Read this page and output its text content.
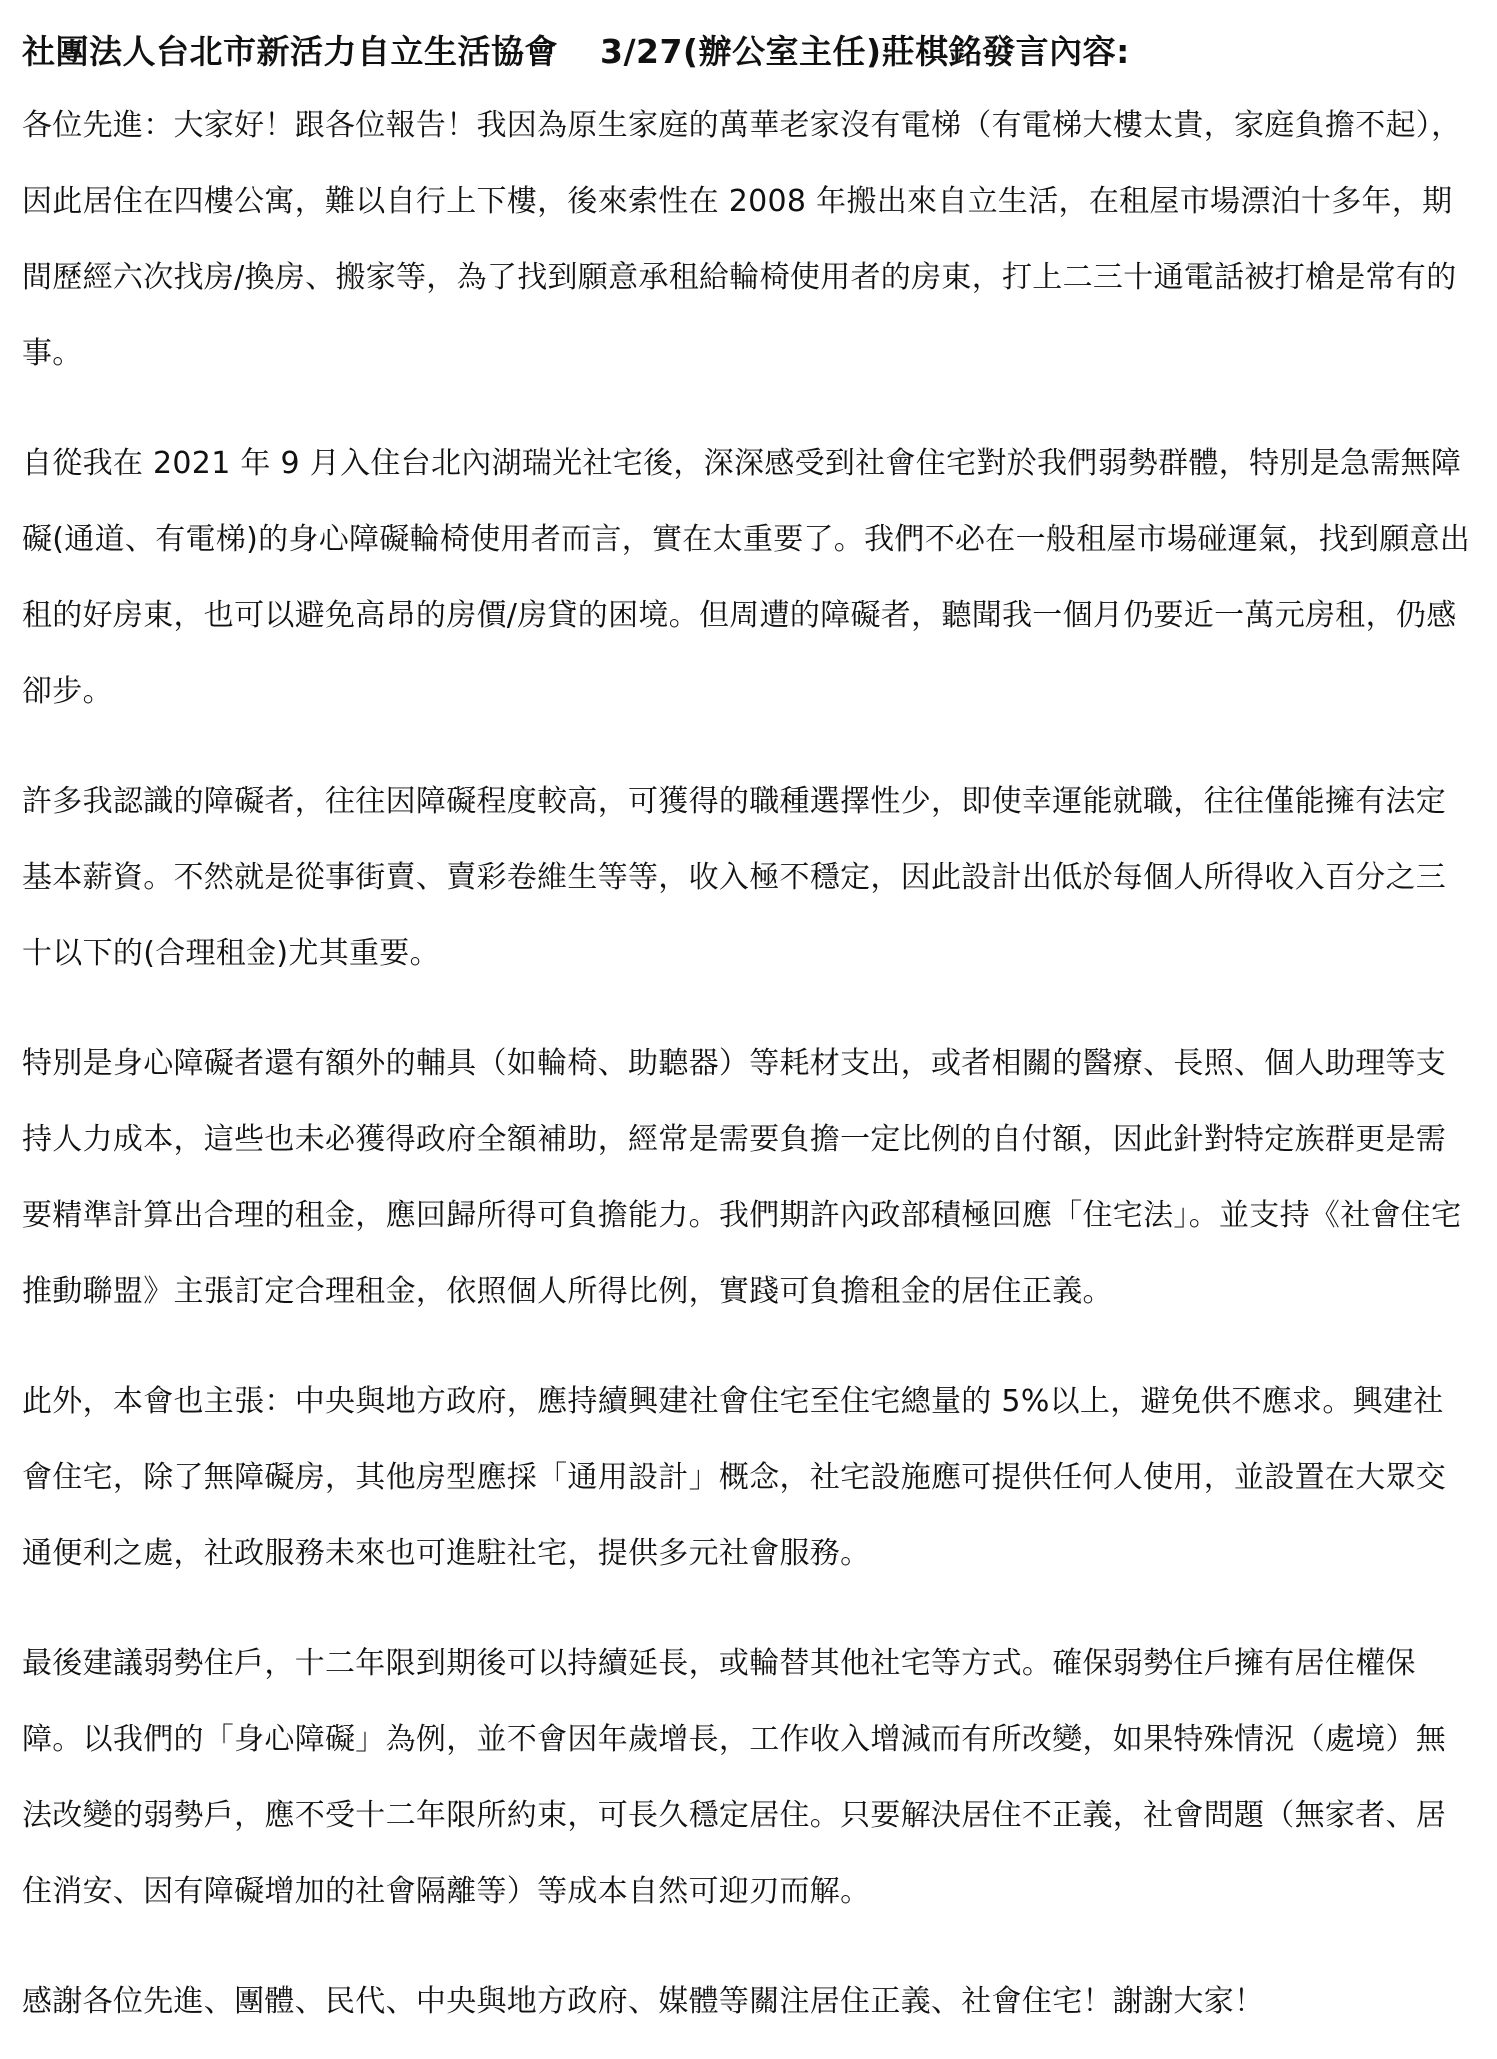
社團法人台北市新活力自立生活協會 3/27(辦公室主任)莊棋銘發言內容:

各位先進：大家好！跟各位報告！我因為原生家庭的萬華老家沒有電梯（有電梯大樓太貴，家庭負擔不起），因此居住在四樓公寓，難以自行上下樓，後來索性在 2008 年搬出來自立生活，在租屋市場漂泊十多年，期間歷經六次找房/換房、搬家等，為了找到願意承租給輪椅使用者的房東，打上二三十通電話被打槍是常有的事。

自從我在 2021 年 9 月入住台北內湖瑞光社宅後，深深感受到社會住宅對於我們弱勢群體，特別是急需無障礙(通道、有電梯)的身心障礙輪椅使用者而言，實在太重要了。我們不必在一般租屋市場碰運氣，找到願意出租的好房東，也可以避免高昂的房價/房貸的困境。但周遭的障礙者，聽聞我一個月仍要近一萬元房租，仍感卻步。

許多我認識的障礙者，往往因障礙程度較高，可獲得的職種選擇性少，即使幸運能就職，往往僅能擁有法定基本薪資。不然就是從事街賣、賣彩卷維生等等，收入極不穩定，因此設計出低於每個人所得收入百分之三十以下的(合理租金)尤其重要。

特別是身心障礙者還有額外的輔具（如輪椅、助聽器）等耗材支出，或者相關的醫療、長照、個人助理等支持人力成本，這些也未必獲得政府全額補助，經常是需要負擔一定比例的自付額，因此針對特定族群更是需要精準計算出合理的租金，應回歸所得可負擔能力。我們期許內政部積極回應「住宅法」。並支持《社會住宅推動聯盟》主張訂定合理租金，依照個人所得比例，實踐可負擔租金的居住正義。

此外，本會也主張：中央與地方政府，應持續興建社會住宅至住宅總量的 5%以上，避免供不應求。興建社會住宅，除了無障礙房，其他房型應採「通用設計」概念，社宅設施應可提供任何人使用，並設置在大眾交通便利之處，社政服務未來也可進駐社宅，提供多元社會服務。

最後建議弱勢住戶，十二年限到期後可以持續延長，或輪替其他社宅等方式。確保弱勢住戶擁有居住權保障。以我們的「身心障礙」為例，並不會因年歲增長，工作收入增減而有所改變，如果特殊情況（處境）無法改變的弱勢戶，應不受十二年限所約束，可長久穩定居住。只要解決居住不正義，社會問題（無家者、居住消安、因有障礙增加的社會隔離等）等成本自然可迎刃而解。

感謝各位先進、團體、民代、中央與地方政府、媒體等關注居住正義、社會住宅！謝謝大家！
